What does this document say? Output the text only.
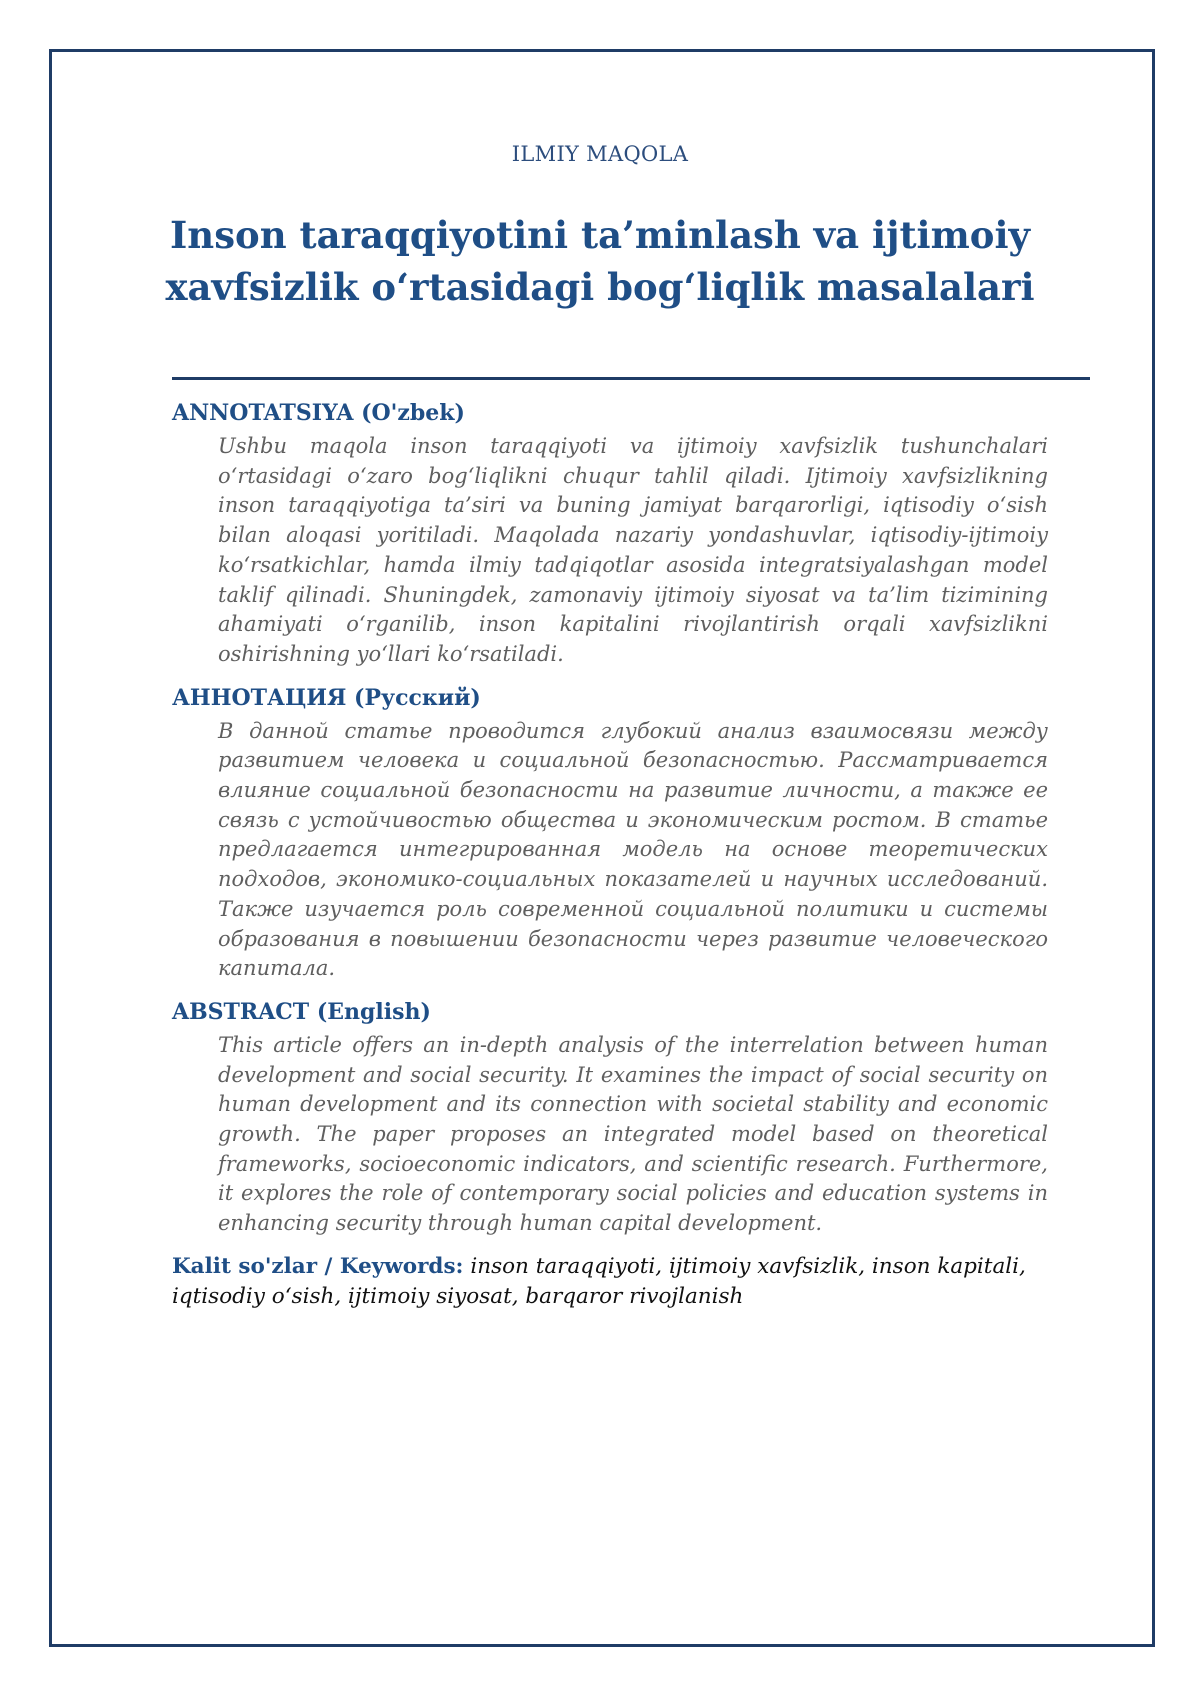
ILMIY MAQOLA
Inson taraqqiyotini ta’minlash va ijtimoiy xavfsizlik o‘rtasidagi bog‘liqlik masalalari
ANNOTATSIYA (O'zbek)

Ushbu maqola inson taraqqiyoti va ijtimoiy xavfsizlik tushunchalari o‘rtasidagi o‘zaro bog‘liqlikni chuqur tahlil qiladi. Ijtimoiy xavfsizlikning inson taraqqiyotiga ta’siri va buning jamiyat barqarorligi, iqtisodiy o‘sish bilan aloqasi yoritiladi. Maqolada nazariy yondashuvlar, iqtisodiy-ijtimoiy ko‘rsatkichlar, hamda ilmiy tadqiqotlar asosida integratsiyalashgan model taklif qilinadi. Shuningdek, zamonaviy ijtimoiy siyosat va ta’lim tizimining ahamiyati o‘rganilib, inson kapitalini rivojlantirish orqali xavfsizlikni oshirishning yo‘llari ko‘rsatiladi.

АННОТАЦИЯ (Русский)

В данной статье проводится глубокий анализ взаимосвязи между развитием человека и социальной безопасностью. Рассматривается влияние социальной безопасности на развитие личности, а также ее связь с устойчивостью общества и экономическим ростом. В статье предлагается интегрированная модель на основе теоретических подходов, экономико-социальных показателей и научных исследований. Также изучается роль современной социальной политики и системы образования в повышении безопасности через развитие человеческого капитала.

ABSTRACT (English)

This article offers an in-depth analysis of the interrelation between human development and social security. It examines the impact of social security on human development and its connection with societal stability and economic growth. The paper proposes an integrated model based on theoretical frameworks, socioeconomic indicators, and scientific research. Furthermore, it explores the role of contemporary social policies and education systems in enhancing security through human capital development.

Kalit so'zlar / Keywords: inson taraqqiyoti, ijtimoiy xavfsizlik, inson kapitali, iqtisodiy o‘sish, ijtimoiy siyosat, barqaror rivojlanish
